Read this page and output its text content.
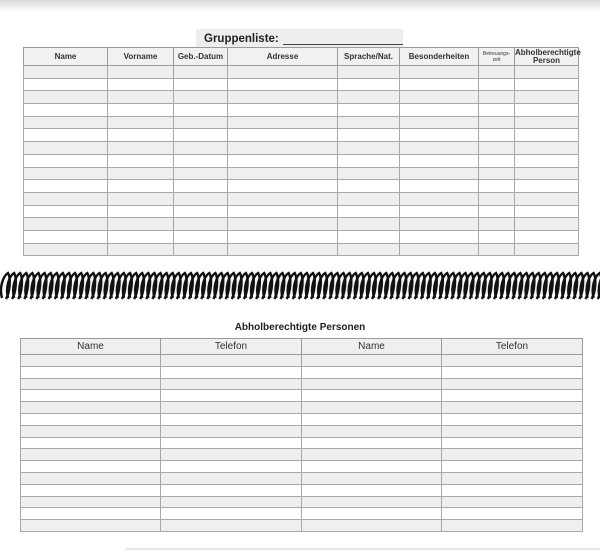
Gruppenliste:
Name	Vorname	Geb.-Datum	Adresse	Sprache/Nat.	Besonderheiten	Betreuungs-zeit	Abholberechtigte Person

Abholberechtigte Personen
Name	Telefon	Name	Telefon
